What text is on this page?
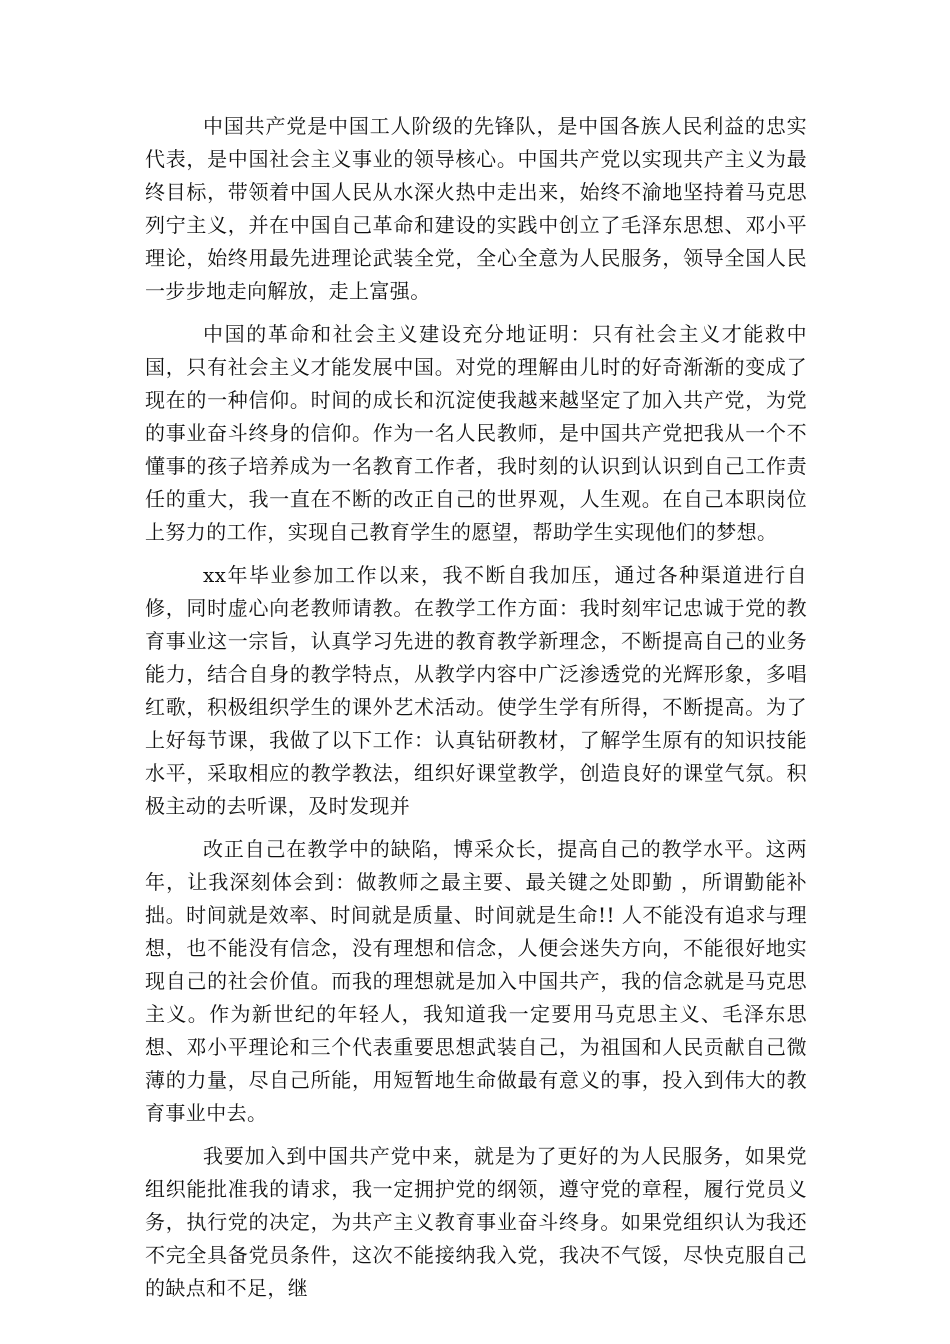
中国共产党是中国工人阶级的先锋队，是中国各族人民利益的忠实代表，是中国社会主义事业的领导核心。中国共产党以实现共产主义为最终目标，带领着中国人民从水深火热中走出来，始终不渝地坚持着马克思列宁主义，并在中国自己革命和建设的实践中创立了毛泽东思想、邓小平理论，始终用最先进理论武装全党，全心全意为人民服务，领导全国人民一步步地走向解放，走上富强。

中国的革命和社会主义建设充分地证明：只有社会主义才能救中国，只有社会主义才能发展中国。对党的理解由儿时的好奇渐渐的变成了现在的一种信仰。时间的成长和沉淀使我越来越坚定了加入共产党，为党的事业奋斗终身的信仰。作为一名人民教师，是中国共产党把我从一个不懂事的孩子培养成为一名教育工作者，我时刻的认识到认识到自己工作责任的重大，我一直在不断的改正自己的世界观，人生观。在自己本职岗位上努力的工作，实现自己教育学生的愿望，帮助学生实现他们的梦想。

xx年毕业参加工作以来，我不断自我加压，通过各种渠道进行自修，同时虚心向老教师请教。在教学工作方面：我时刻牢记忠诚于党的教育事业这一宗旨，认真学习先进的教育教学新理念，不断提高自己的业务能力，结合自身的教学特点，从教学内容中广泛渗透党的光辉形象，多唱红歌，积极组织学生的课外艺术活动。使学生学有所得，不断提高。为了上好每节课，我做了以下工作：认真钻研教材，了解学生原有的知识技能水平，采取相应的教学教法，组织好课堂教学，创造良好的课堂气氛。积极主动的去听课，及时发现并

改正自己在教学中的缺陷，博采众长，提高自己的教学水平。这两年，让我深刻体会到：做教师之最主要、最关键之处即勤 ，所谓勤能补拙。时间就是效率、时间就是质量、时间就是生命!! 人不能没有追求与理想，也不能没有信念，没有理想和信念，人便会迷失方向，不能很好地实现自己的社会价值。而我的理想就是加入中国共产，我的信念就是马克思主义。作为新世纪的年轻人，我知道我一定要用马克思主义、毛泽东思想、邓小平理论和三个代表重要思想武装自己，为祖国和人民贡献自己微薄的力量，尽自己所能，用短暂地生命做最有意义的事，投入到伟大的教育事业中去。

我要加入到中国共产党中来，就是为了更好的为人民服务，如果党组织能批准我的请求，我一定拥护党的纲领，遵守党的章程，履行党员义务，执行党的决定，为共产主义教育事业奋斗终身。如果党组织认为我还不完全具备党员条件，这次不能接纳我入党，我决不气馁，尽快克服自己的缺点和不足，继
